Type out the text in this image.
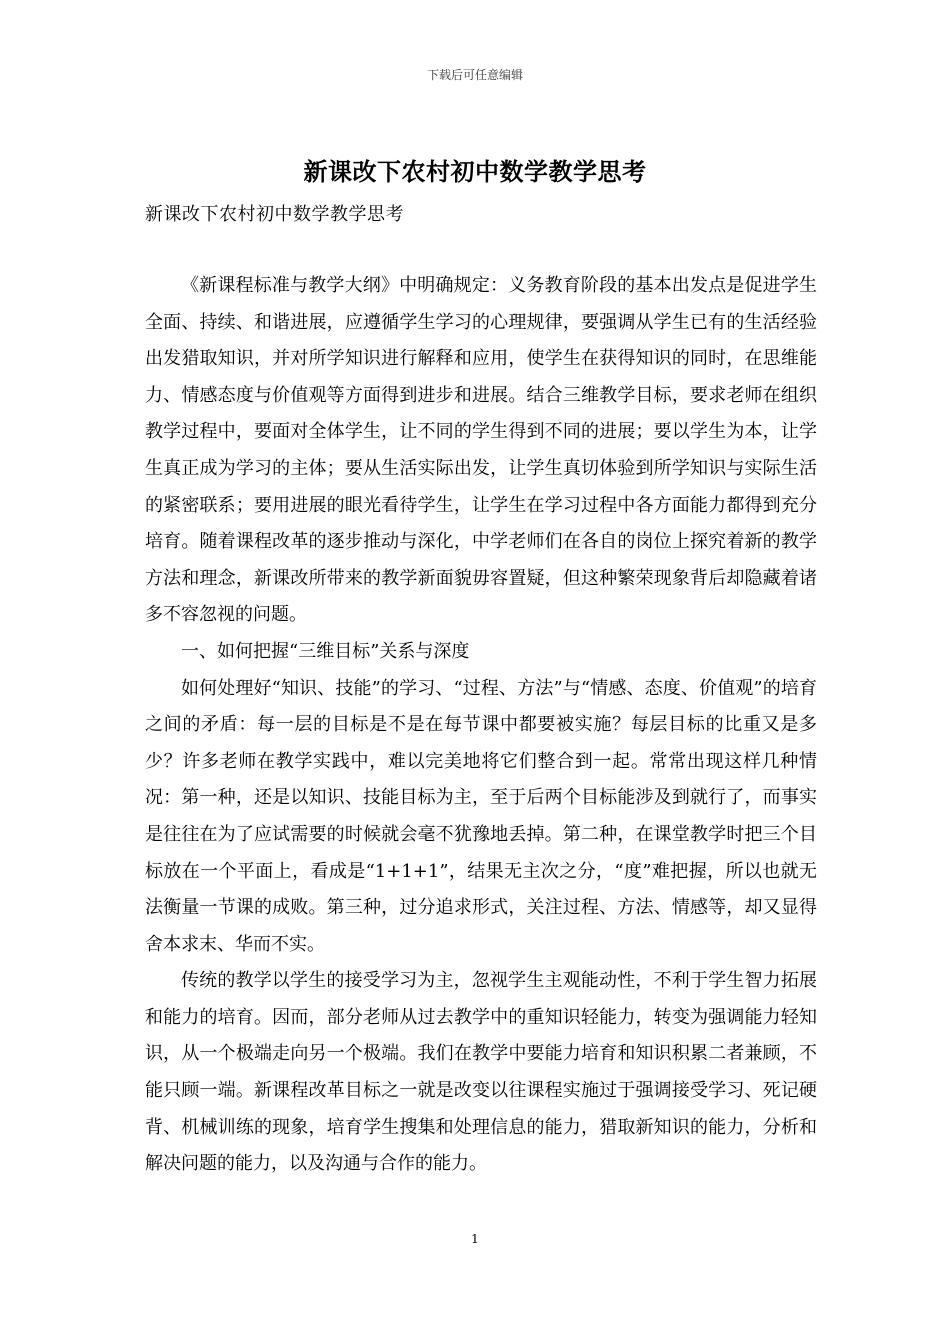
下载后可任意编辑
新课改下农村初中数学教学思考
新课改下农村初中数学教学思考

《新课程标准与教学大纲》中明确规定：义务教育阶段的基本出发点是促进学生全面、持续、和谐进展，应遵循学生学习的心理规律，要强调从学生已有的生活经验出发猎取知识，并对所学知识进行解释和应用，使学生在获得知识的同时，在思维能力、情感态度与价值观等方面得到进步和进展。结合三维教学目标，要求老师在组织教学过程中，要面对全体学生，让不同的学生得到不同的进展；要以学生为本，让学生真正成为学习的主体；要从生活实际出发，让学生真切体验到所学知识与实际生活的紧密联系；要用进展的眼光看待学生，让学生在学习过程中各方面能力都得到充分培育。随着课程改革的逐步推动与深化，中学老师们在各自的岗位上探究着新的教学方法和理念，新课改所带来的教学新面貌毋容置疑，但这种繁荣现象背后却隐藏着诸多不容忽视的问题。

一、如何把握“三维目标”关系与深度

如何处理好“知识、技能”的学习、“过程、方法”与“情感、态度、价值观”的培育之间的矛盾：每一层的目标是不是在每节课中都要被实施？每层目标的比重又是多少？许多老师在教学实践中，难以完美地将它们整合到一起。常常出现这样几种情况：第一种，还是以知识、技能目标为主，至于后两个目标能涉及到就行了，而事实是往往在为了应试需要的时候就会毫不犹豫地丢掉。第二种，在课堂教学时把三个目标放在一个平面上，看成是“1+1+1”，结果无主次之分，“度”难把握，所以也就无法衡量一节课的成败。第三种，过分追求形式，关注过程、方法、情感等，却又显得舍本求末、华而不实。

传统的教学以学生的接受学习为主，忽视学生主观能动性，不利于学生智力拓展和能力的培育。因而，部分老师从过去教学中的重知识轻能力，转变为强调能力轻知识，从一个极端走向另一个极端。我们在教学中要能力培育和知识积累二者兼顾，不能只顾一端。新课程改革目标之一就是改变以往课程实施过于强调接受学习、死记硬背、机械训练的现象，培育学生搜集和处理信息的能力，猎取新知识的能力，分析和解决问题的能力，以及沟通与合作的能力。

1
